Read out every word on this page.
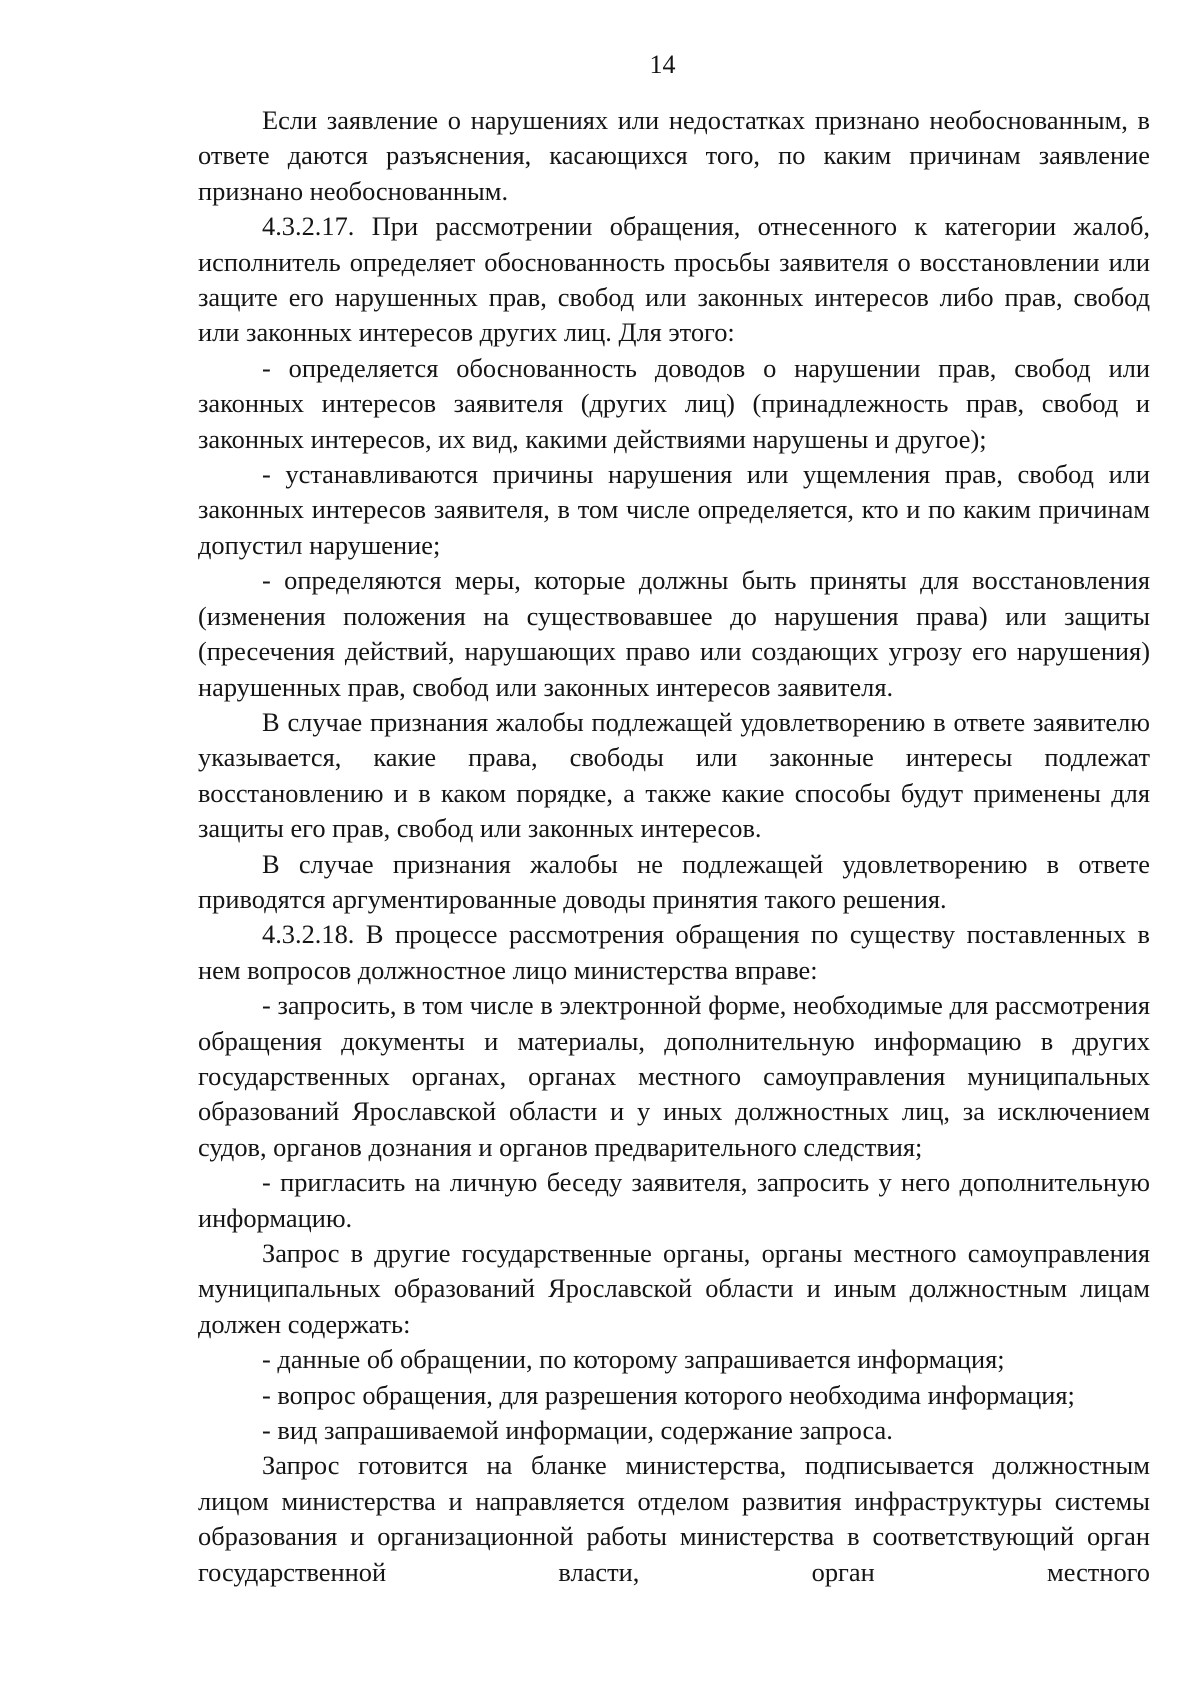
14

Если заявление о нарушениях или недостатках признано необоснованным, в ответе даются разъяснения, касающихся того, по каким причинам заявление признано необоснованным.

4.3.2.17. При рассмотрении обращения, отнесенного к категории жалоб, исполнитель определяет обоснованность просьбы заявителя о восстановлении или защите его нарушенных прав, свобод или законных интересов либо прав, свобод или законных интересов других лиц. Для этого:

- определяется обоснованность доводов о нарушении прав, свобод или законных интересов заявителя (других лиц) (принадлежность прав, свобод и законных интересов, их вид, какими действиями нарушены и другое);

- устанавливаются причины нарушения или ущемления прав, свобод или законных интересов заявителя, в том числе определяется, кто и по каким причинам допустил нарушение;

- определяются меры, которые должны быть приняты для восстановления (изменения положения на существовавшее до нарушения права) или защиты (пресечения действий, нарушающих право или создающих угрозу его нарушения) нарушенных прав, свобод или законных интересов заявителя.

В случае признания жалобы подлежащей удовлетворению в ответе заявителю указывается, какие права, свободы или законные интересы подлежат восстановлению и в каком порядке, а также какие способы будут применены для защиты его прав, свобод или законных интересов.

В случае признания жалобы не подлежащей удовлетворению в ответе приводятся аргументированные доводы принятия такого решения.

4.3.2.18. В процессе рассмотрения обращения по существу поставленных в нем вопросов должностное лицо министерства вправе:

- запросить, в том числе в электронной форме, необходимые для рассмотрения обращения документы и материалы, дополнительную информацию в других государственных органах, органах местного самоуправления муниципальных образований Ярославской области и у иных должностных лиц, за исключением судов, органов дознания и органов предварительного следствия;

- пригласить на личную беседу заявителя, запросить у него дополнительную информацию.

Запрос в другие государственные органы, органы местного самоуправления муниципальных образований Ярославской области и иным должностным лицам должен содержать:

- данные об обращении, по которому запрашивается информация;

- вопрос обращения, для разрешения которого необходима информация;

- вид запрашиваемой информации, содержание запроса.

Запрос готовится на бланке министерства, подписывается должностным лицом министерства и направляется отделом развития инфраструктуры системы образования и организационной работы министерства в соответствующий орган государственной власти, орган местного
